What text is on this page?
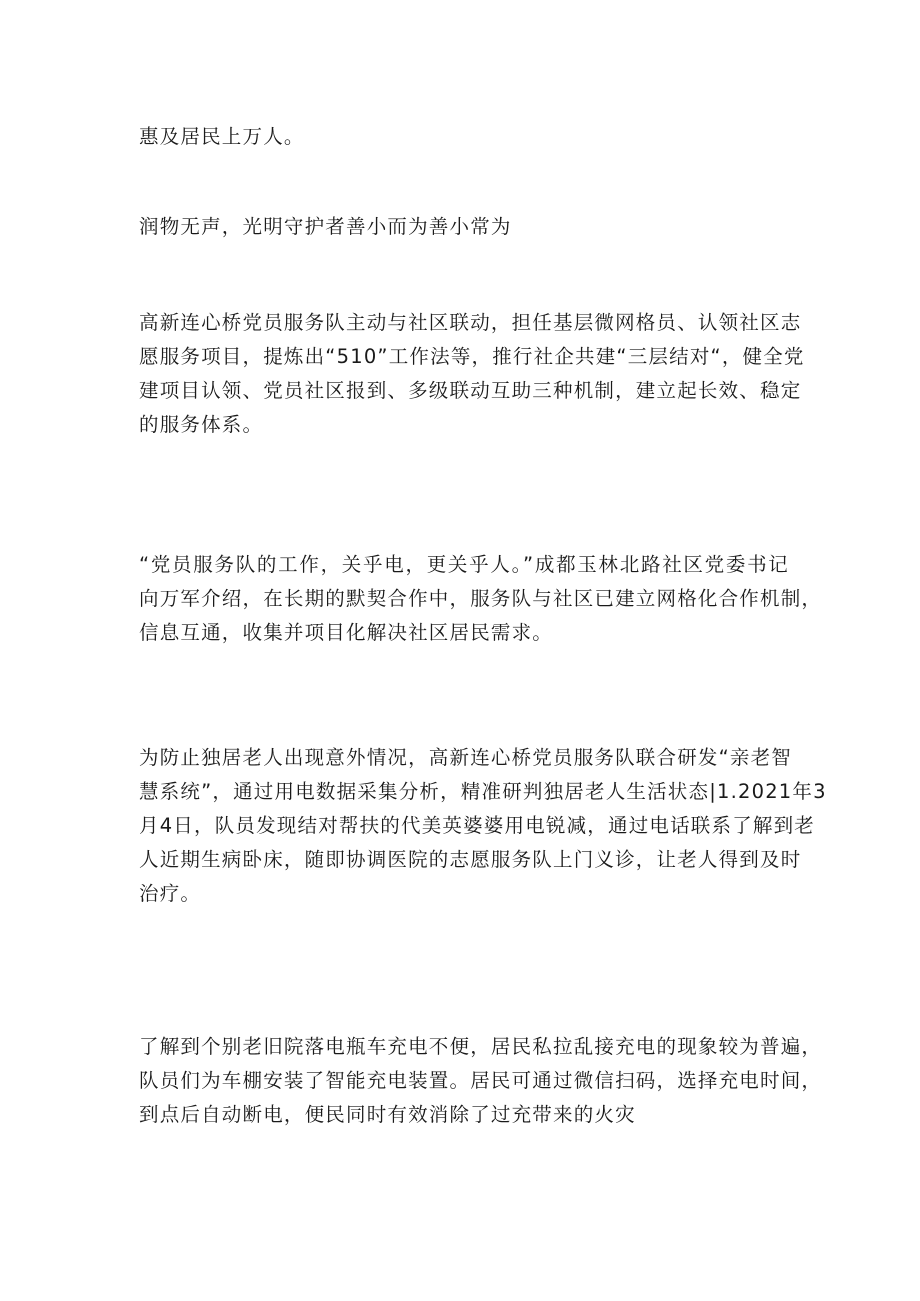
惠及居民上万人。
润物无声，光明守护者善小而为善小常为
高新连心桥党员服务队主动与社区联动，担任基层微网格员、认领社区志
愿服务项目，提炼出“510”工作法等，推行社企共建“三层结对“，健全党
建项目认领、党员社区报到、多级联动互助三种机制，建立起长效、稳定
的服务体系。
“党员服务队的工作，关乎电，更关乎人。”成都玉林北路社区党委书记
向万军介绍，在长期的默契合作中，服务队与社区已建立网格化合作机制，
信息互通，收集并项目化解决社区居民需求。
为防止独居老人出现意外情况，高新连心桥党员服务队联合研发“亲老智
慧系统”，通过用电数据采集分析，精准研判独居老人生活状态|1.2021年3
月4日，队员发现结对帮扶的代美英婆婆用电锐减，通过电话联系了解到老
人近期生病卧床，随即协调医院的志愿服务队上门义诊，让老人得到及时
治疗。
了解到个别老旧院落电瓶车充电不便，居民私拉乱接充电的现象较为普遍，
队员们为车棚安装了智能充电装置。居民可通过微信扫码，选择充电时间，
到点后自动断电，便民同时有效消除了过充带来的火灾
